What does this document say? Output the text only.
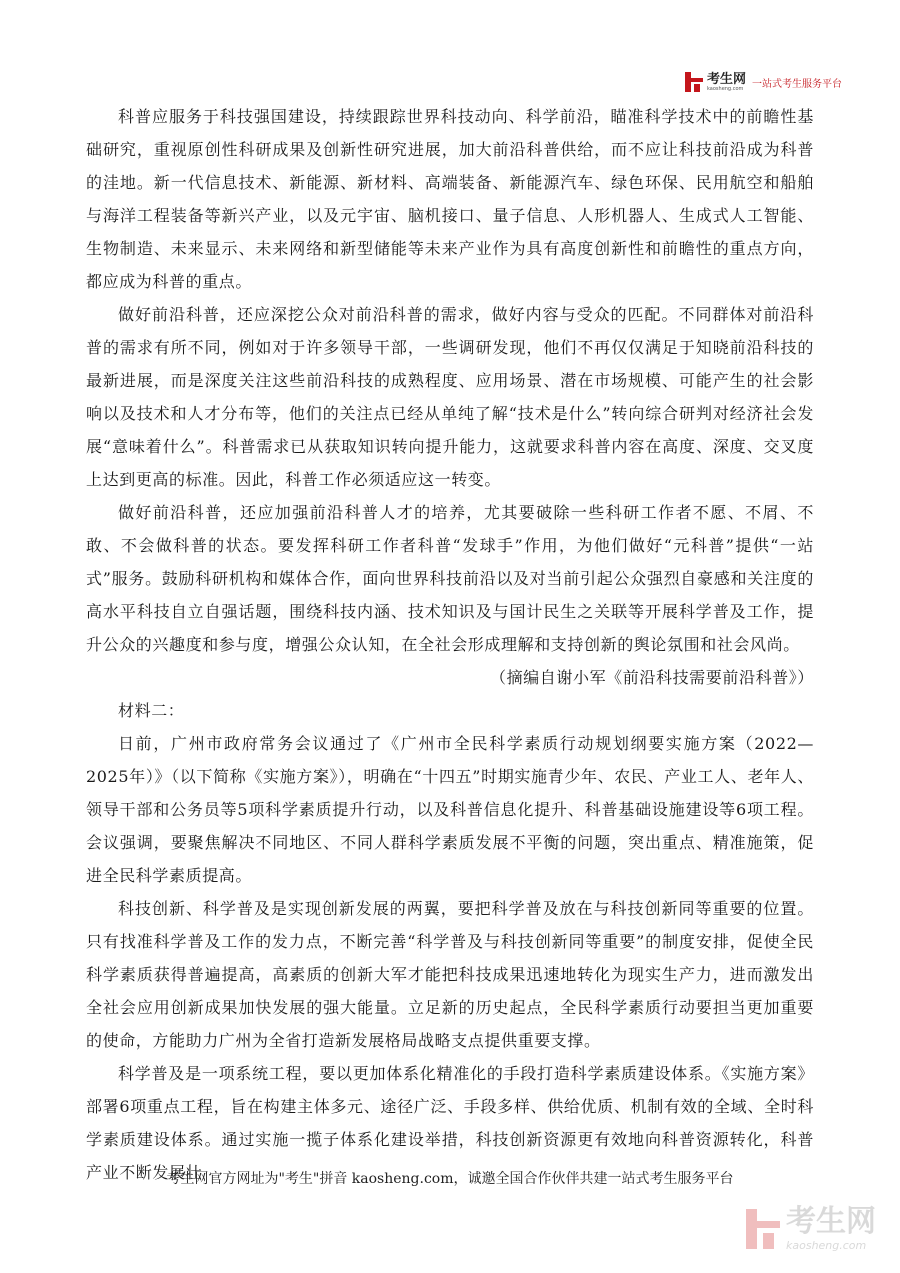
考生网
kaosheng.com 一站式考生服务平台

科普应服务于科技强国建设，持续跟踪世界科技动向、科学前沿，瞄准科学技术中的前瞻性基础研究，重视原创性科研成果及创新性研究进展，加大前沿科普供给，而不应让科技前沿成为科普的洼地。新一代信息技术、新能源、新材料、高端装备、新能源汽车、绿色环保、民用航空和船舶与海洋工程装备等新兴产业，以及元宇宙、脑机接口、量子信息、人形机器人、生成式人工智能、生物制造、未来显示、未来网络和新型储能等未来产业作为具有高度创新性和前瞻性的重点方向，都应成为科普的重点。

做好前沿科普，还应深挖公众对前沿科普的需求，做好内容与受众的匹配。不同群体对前沿科普的需求有所不同，例如对于许多领导干部，一些调研发现，他们不再仅仅满足于知晓前沿科技的最新进展，而是深度关注这些前沿科技的成熟程度、应用场景、潜在市场规模、可能产生的社会影响以及技术和人才分布等，他们的关注点已经从单纯了解“技术是什么”转向综合研判对经济社会发展“意味着什么”。科普需求已从获取知识转向提升能力，这就要求科普内容在高度、深度、交叉度上达到更高的标准。因此，科普工作必须适应这一转变。

做好前沿科普，还应加强前沿科普人才的培养，尤其要破除一些科研工作者不愿、不屑、不敢、不会做科普的状态。要发挥科研工作者科普“发球手”作用，为他们做好“元科普”提供“一站式”服务。鼓励科研机构和媒体合作，面向世界科技前沿以及对当前引起公众强烈自豪感和关注度的高水平科技自立自强话题，围绕科技内涵、技术知识及与国计民生之关联等开展科学普及工作，提升公众的兴趣度和参与度，增强公众认知，在全社会形成理解和支持创新的舆论氛围和社会风尚。

（摘编自谢小军《前沿科技需要前沿科普》）

材料二：

日前，广州市政府常务会议通过了《广州市全民科学素质行动规划纲要实施方案（2022—2025年）》（以下简称《实施方案》），明确在“十四五”时期实施青少年、农民、产业工人、老年人、领导干部和公务员等5项科学素质提升行动，以及科普信息化提升、科普基础设施建设等6项工程。会议强调，要聚焦解决不同地区、不同人群科学素质发展不平衡的问题，突出重点、精准施策，促进全民科学素质提高。

科技创新、科学普及是实现创新发展的两翼，要把科学普及放在与科技创新同等重要的位置。只有找准科学普及工作的发力点，不断完善“科学普及与科技创新同等重要”的制度安排，促使全民科学素质获得普遍提高，高素质的创新大军才能把科技成果迅速地转化为现实生产力，进而激发出全社会应用创新成果加快发展的强大能量。立足新的历史起点，全民科学素质行动要担当更加重要的使命，方能助力广州为全省打造新发展格局战略支点提供重要支撑。

科学普及是一项系统工程，要以更加体系化精准化的手段打造科学素质建设体系。《实施方案》部署6项重点工程，旨在构建主体多元、途径广泛、手段多样、供给优质、机制有效的全域、全时科学素质建设体系。通过实施一揽子体系化建设举措，科技创新资源更有效地向科普资源转化，科普产业不断发展壮

考生网官方网址为"考生"拼音 kaosheng.com，诚邀全国合作伙伴共建一站式考生服务平台
考生网
kaosheng.com
